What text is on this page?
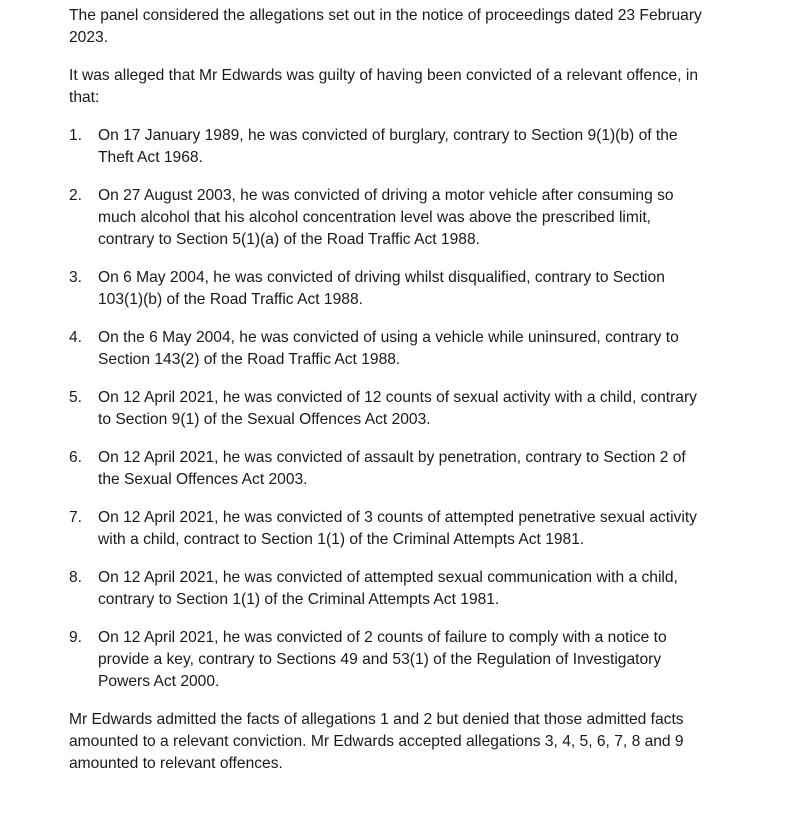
The panel considered the allegations set out in the notice of proceedings dated 23 February 2023.

It was alleged that Mr Edwards was guilty of having been convicted of a relevant offence, in that:

1. On 17 January 1989, he was convicted of burglary, contrary to Section 9(1)(b) of the Theft Act 1968.
2. On 27 August 2003, he was convicted of driving a motor vehicle after consuming so much alcohol that his alcohol concentration level was above the prescribed limit, contrary to Section 5(1)(a) of the Road Traffic Act 1988.
3. On 6 May 2004, he was convicted of driving whilst disqualified, contrary to Section 103(1)(b) of the Road Traffic Act 1988.
4. On the 6 May 2004, he was convicted of using a vehicle while uninsured, contrary to Section 143(2) of the Road Traffic Act 1988.
5. On 12 April 2021, he was convicted of 12 counts of sexual activity with a child, contrary to Section 9(1) of the Sexual Offences Act 2003.
6. On 12 April 2021, he was convicted of assault by penetration, contrary to Section 2 of the Sexual Offences Act 2003.
7. On 12 April 2021, he was convicted of 3 counts of attempted penetrative sexual activity with a child, contract to Section 1(1) of the Criminal Attempts Act 1981.
8. On 12 April 2021, he was convicted of attempted sexual communication with a child, contrary to Section 1(1) of the Criminal Attempts Act 1981.
9. On 12 April 2021, he was convicted of 2 counts of failure to comply with a notice to provide a key, contrary to Sections 49 and 53(1) of the Regulation of Investigatory Powers Act 2000.

Mr Edwards admitted the facts of allegations 1 and 2 but denied that those admitted facts amounted to a relevant conviction. Mr Edwards accepted allegations 3, 4, 5, 6, 7, 8 and 9 amounted to relevant offences.
